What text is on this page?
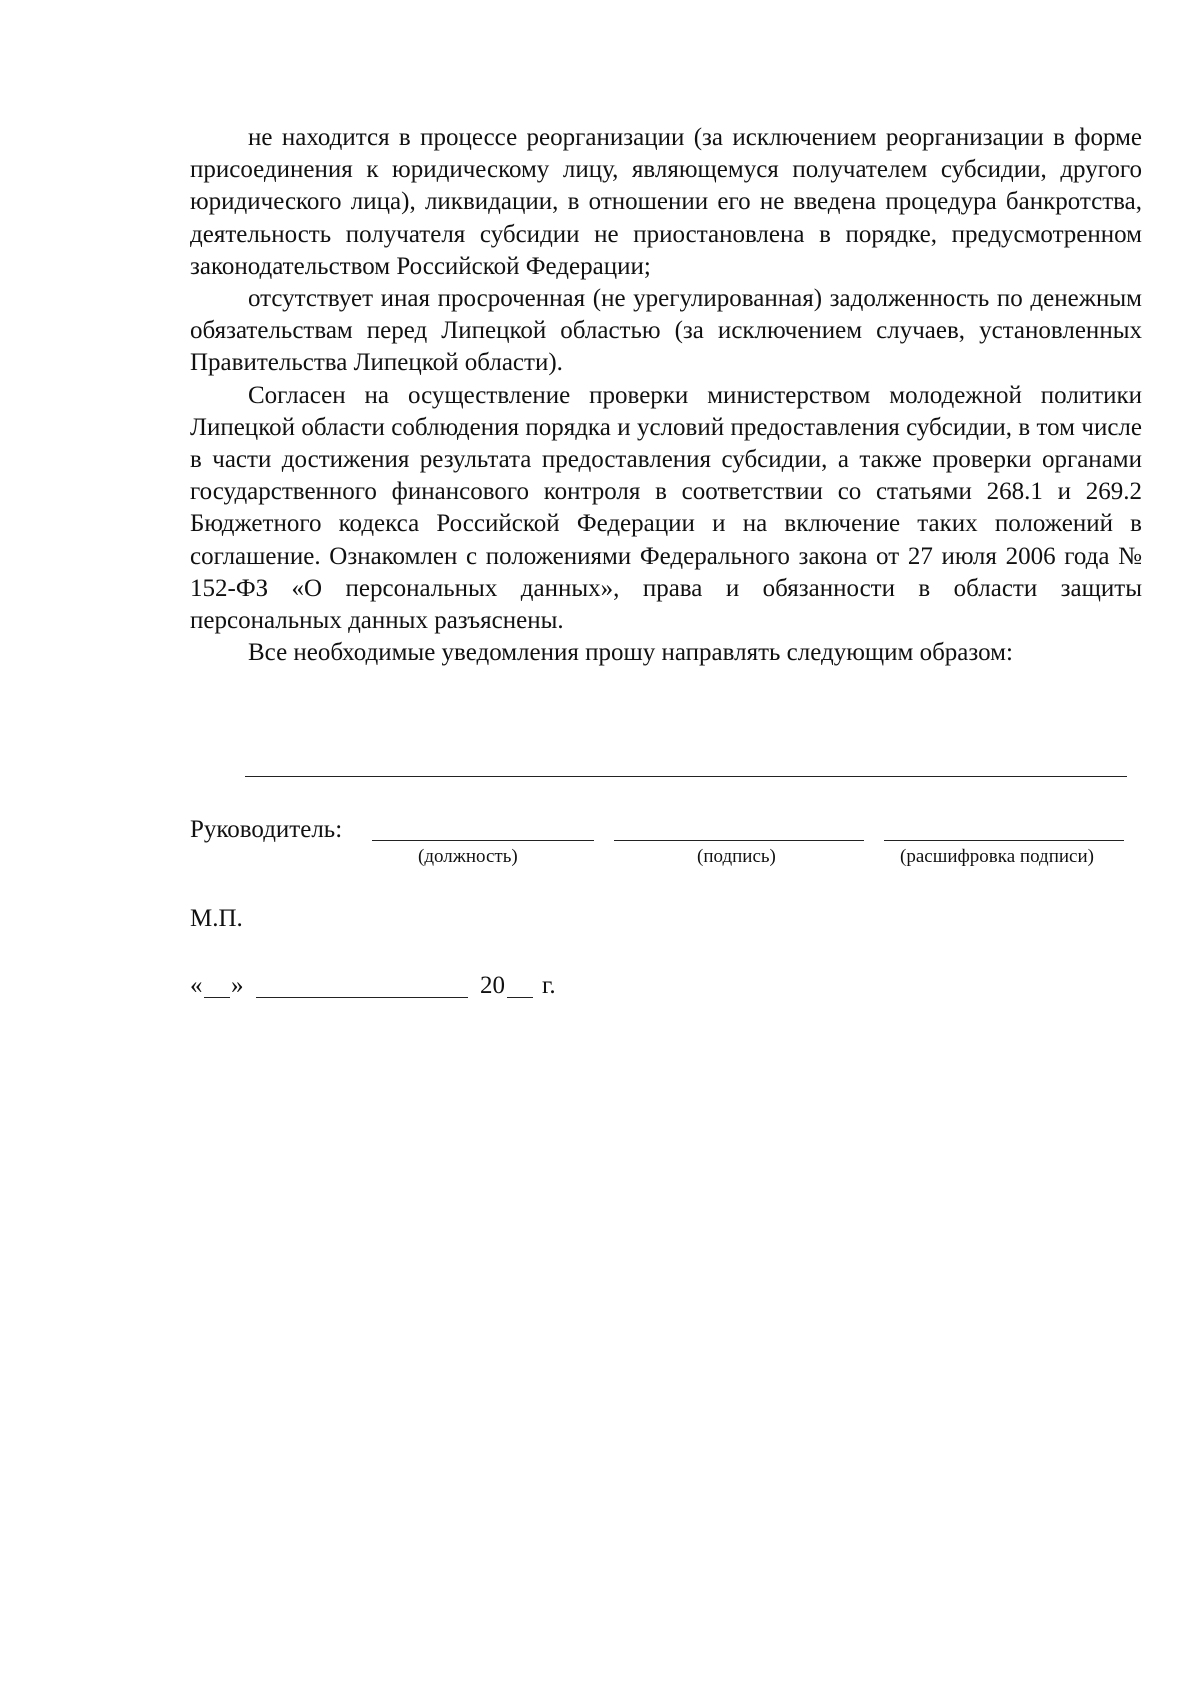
не находится в процессе реорганизации (за исключением реорганизации в форме присоединения к юридическому лицу, являющемуся получателем субсидии, другого юридического лица), ликвидации, в отношении его не введена процедура банкротства, деятельность получателя субсидии не приостановлена в порядке, предусмотренном законодательством Российской Федерации;

отсутствует иная просроченная (не урегулированная) задолженность по денежным обязательствам перед Липецкой областью (за исключением случаев, установленных Правительства Липецкой области).

Согласен на осуществление проверки министерством молодежной политики Липецкой области соблюдения порядка и условий предоставления субсидии, в том числе в части достижения результата предоставления субсидии, а также проверки органами государственного финансового контроля в соответствии со статьями 268.1 и 269.2 Бюджетного кодекса Российской Федерации и на включение таких положений в соглашение. Ознакомлен с положениями Федерального закона от 27 июля 2006 года № 152-ФЗ «О персональных данных», права и обязанности в области защиты персональных данных разъяснены.

Все необходимые уведомления прошу направлять следующим образом:

Руководитель:
(должность)	(подпись)	(расшифровка подписи)
М.П.
« »	20 г.
